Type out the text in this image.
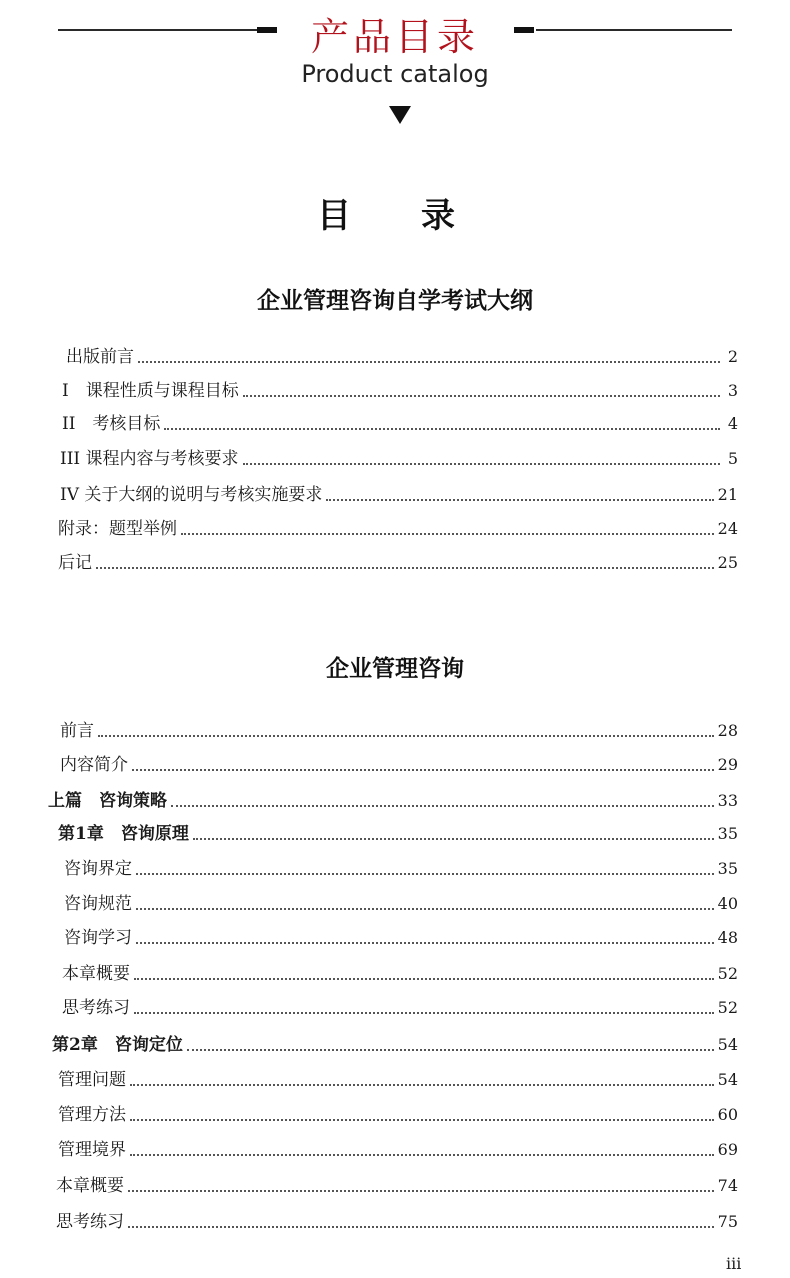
产品目录
Product catalog
目　录
企业管理咨询自学考试大纲
出版前言	2
I　课程性质与课程目标	3
II　考核目标	4
III 课程内容与考核要求	5
IV 关于大纲的说明与考核实施要求	21
附录：题型举例	24
后记	25
企业管理咨询
前言	28
内容简介	29
上篇　咨询策略	33
第1章　咨询原理	35
咨询界定	35
咨询规范	40
咨询学习	48
本章概要	52
思考练习	52
第2章　咨询定位	54
管理问题	54
管理方法	60
管理境界	69
本章概要	74
思考练习	75
iii
